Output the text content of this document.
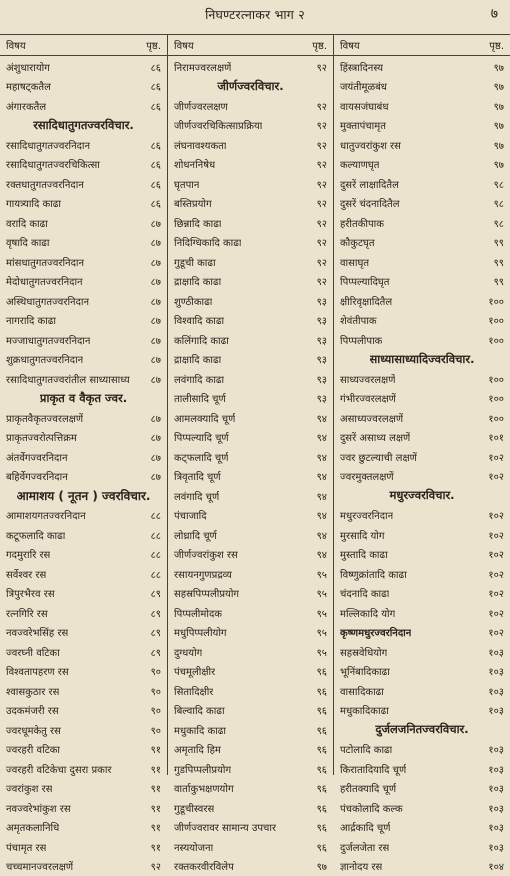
निघण्टरत्नाकर भाग २	७
विषय	पृष्ठ.
अंशुधारायोग	८६
महाषट्‌कतैल	८६
अंगारकतैल	८६
रसादिधातुगतज्वरविचार.
रसादिधातुगतज्वरनिदान	८६
रसादिधातुगतज्वरचिकित्सा	८६
रक्तधातुगतज्वरनिदान	८६
गायत्र्यादि काढा	८६
वरादि काढा	८७
वृषादि काढा	८७
मांसधातुगतज्वरनिदान	८७
मेदोधातुगतज्वरनिदान	८७
अस्थिधातुगतज्वरनिदान	८७
नागरादि काढा	८७
मज्जाधातुगतज्वरनिदान	८७
शुक्रधातुगतज्वरनिदान	८७
रसादिधातुगतज्वरांतील साध्यासाध्य	८७
प्राकृत व वैकृत ज्वर.
प्राकृतवैकृतज्वरलक्षणें	८७
प्राकृतज्वरोत्पत्तिक्रम	८७
अंतर्वेगज्वरनिदान	८७
बहिर्वेगज्वरनिदान	८७
आमाशय ( नूतन ) ज्वरविचार.
आमाशयगतज्वरनिदान	८८
कटूफलादि काढा	८८
गदमुरारि रस	८८
सर्वेश्वर रस	८८
त्रिपुरभैरव रस	८९
रत्नगिरि रस	८९
नवज्वरेभसिंह रस	८९
ज्वरघ्नी वटिका	८९
विश्वतापहरण रस	९०
श्वासकुठार रस	९०
उदकमंजरी रस	९०
ज्वरधूमकेतु रस	९०
ज्वरहरी वटिका	९१
ज्वरहरी वटिकेचा दुसरा प्रकार	९१
ज्वरांकुश रस	९१
नवज्वरेभांकुश रस	९१
अमृतकलानिधि	९१
पंचामृत रस	९१
चच्चमानज्वरलक्षणें	९२
विषय	पृष्ठ.
निरामज्वरलक्षणें	९२
जीर्णज्वरविचार.
जीर्णज्वरलक्षण	९२
जीर्णज्वरचिकित्साप्रक्रिया	९२
लंघनावश्यकता	९२
शोधननिषेध	९२
घृतपान	९२
बस्तिप्रयोग	९२
छिन्नादि काढा	९२
निदिग्धिकादि काढा	९२
गुडूची काढा	९२
द्राक्षादि काढा	९२
शुण्ठीकाढा	९३
विश्वादि काढा	९३
कलिंगादि काढा	९३
द्राक्षादि काढा	९३
लवंगादि काढा	९३
तालीसादि चूर्ण	९३
आमलक्यादि चूर्ण	९४
पिप्पल्यादि चूर्ण	९४
कट्‌फलादि चूर्ण	९४
त्रिवृतादि चूर्ण	९४
लवंगादि चूर्ण	९४
पंचाजादि	९४
लोध्रादि चूर्ण	९४
जीर्णज्वरांकुश रस	९४
रसायनगुणप्रद्रव्य	९५
सहस्रपिप्पलीप्रयोग	९५
पिप्पलीमोदक	९५
मधुपिप्पलीयोग	९५
दुग्धयोग	९५
पंचमूलीक्षीर	९६
सितादिक्षीर	९६
बिल्वादि काढा	९६
मधुकादि काढा	९६
अमृतादि हिम	९६
गुडपिप्पलीप्रयोग	९६
वार्ताकुभक्षणयोग	९६
गुडूचीस्वरस	९६
जीर्णज्वरावर सामान्य उपचार	९६
नस्ययोजना	९६
रक्तकरवीरविलेप	९७
विषय	पृष्ठ.
हिंस्त्रादिनस्य	९७
जयंतीमूळबंध	९७
वायसजंघाबंध	९७
मुक्तापंचामृत	९७
धातुज्वरांकुश रस	९७
कल्याणघृत	९७
दुसरें लाक्षादितैल	९८
दुसरें चंदनादितैल	९८
हरीतकीपाक	९८
कौकुटघृत	९९
वासाघृत	९९
पिप्पल्यादिघृत	९९
क्षीरिवृक्षादितैल	१००
शेवंतीपाक	१००
पिप्पलीपाक	१००
साध्यासाध्यादिज्वरविचार.
साध्यज्वरलक्षणें	१००
गंभीरज्वरलक्षणें	१००
असाध्यज्वरलक्षणें	१००
दुसरें असाध्य लक्षणें	१०१
ज्वर छुटल्याची लक्षणें	१०२
ज्वरमुक्तलक्षणें	१०२
मधुरज्वरविचार.
मधुरज्वरनिदान	१०२
मुरसादि योग	१०२
मुस्तादि काढा	१०२
विष्णुक्रांतादि काढा	१०२
चंदनादि काढा	१०२
मल्लिकादि योग	१०२
कृष्णमधुरज्वरनिदान	१०२
सहस्रवेधियोग	१०३
भूनिंबादिकाढा	१०३
वासादिकाढा	१०३
मधुकादिकाढा	१०३
दुर्जलजनितज्वरविचार.
पटोलादि काढा	१०३
किरातादियादि चूर्ण	१०३
हरीतक्यादि चूर्ण	१०३
पंचकोलादि कल्क	१०३
आर्द्रकादि चूर्ण	१०३
दुर्जलजेता रस	१०३
ज्ञानोदय रस	१०४
